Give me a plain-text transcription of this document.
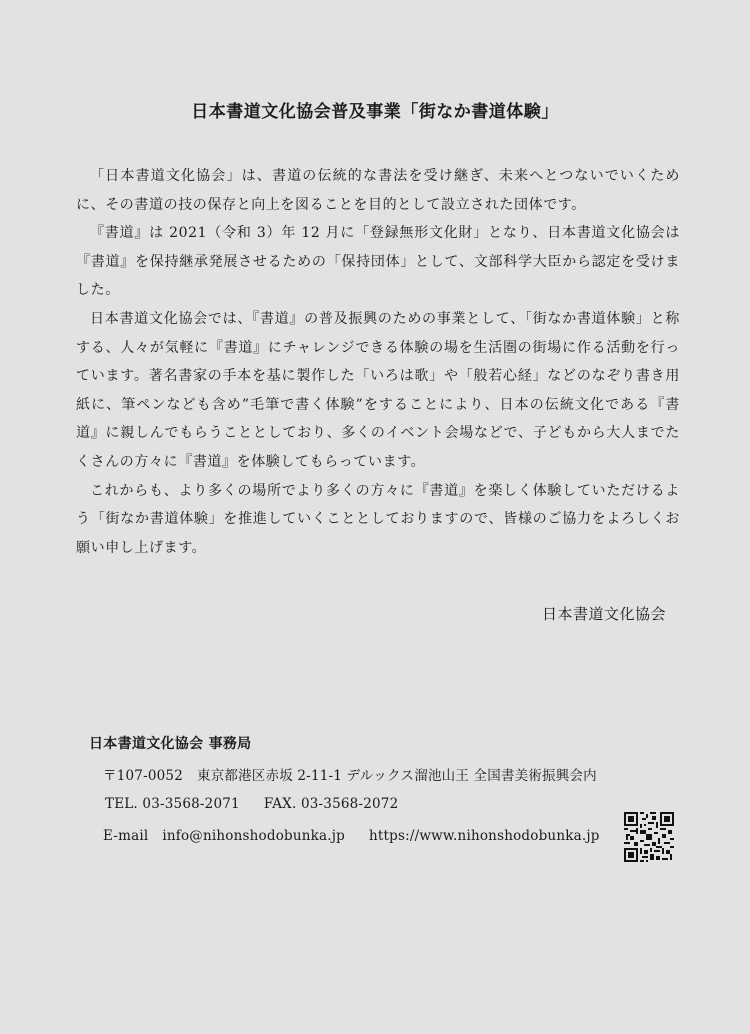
日本書道文化協会普及事業「街なか書道体験」

「日本書道文化協会」は、書道の伝統的な書法を受け継ぎ、未来へとつないでいくために、その書道の技の保存と向上を図ることを目的として設立された団体です。

『書道』は 2021（令和 3）年 12 月に「登録無形文化財」となり、日本書道文化協会は『書道』を保持継承発展させるための「保持団体」として、文部科学大臣から認定を受けました。

日本書道文化協会では、『書道』の普及振興のための事業として、「街なか書道体験」と称する、人々が気軽に『書道』にチャレンジできる体験の場を生活圏の街場に作る活動を行っています。著名書家の手本を基に製作した「いろは歌」や「般若心経」などのなぞり書き用紙に、筆ペンなども含め”毛筆で書く体験”をすることにより、日本の伝統文化である『書道』に親しんでもらうこととしており、多くのイベント会場などで、子どもから大人までたくさんの方々に『書道』を体験してもらっています。

これからも、より多くの場所でより多くの方々に『書道』を楽しく体験していただけるよう「街なか書道体験」を推進していくこととしておりますので、皆様のご協力をよろしくお願い申し上げます。

日本書道文化協会
日本書道文化協会 事務局
〒107-0052 東京都港区赤坂 2-11-1 デルックス溜池山王 全国書美術振興会内
TEL. 03-3568-2071 FAX. 03-3568-2072
E-mail info@nihonshodobunka.jp https://www.nihonshodobunka.jp
